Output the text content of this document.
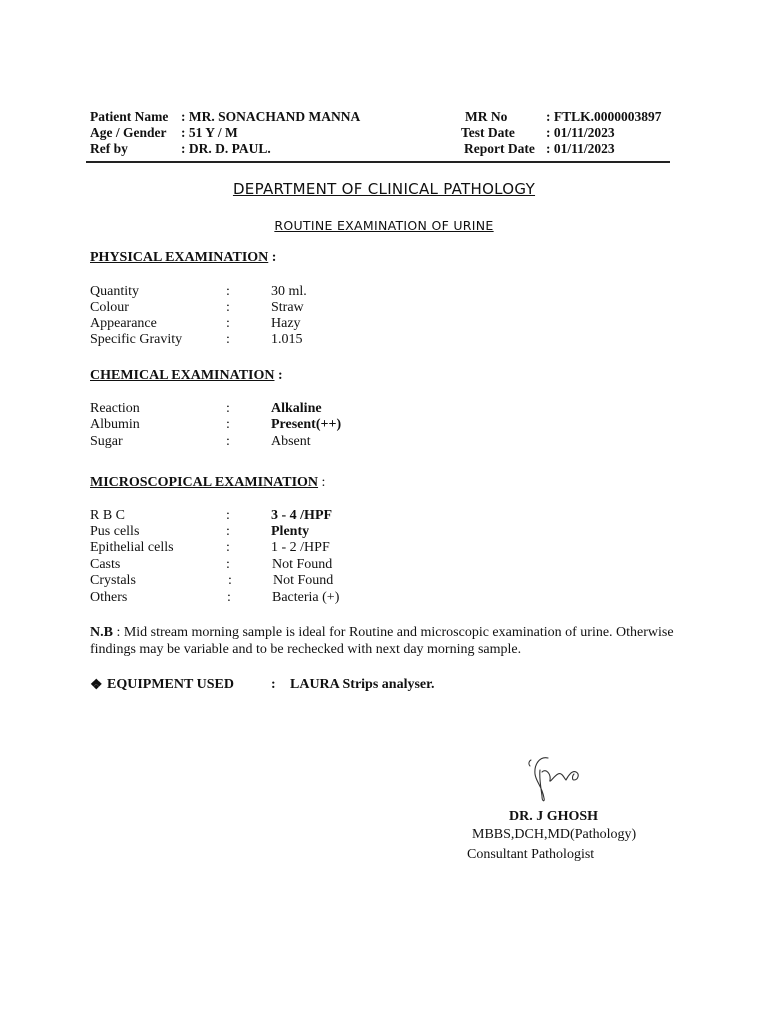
Patient Name : MR. SONACHAND MANNA
Age / Gender : 51 Y / M
Ref by	: DR. D. PAUL.
MR No	: FTLK.0000003897
Test Date : 01/11/2023
Report Date : 01/11/2023
DEPARTMENT OF CLINICAL PATHOLOGY
ROUTINE EXAMINATION OF URINE
PHYSICAL EXAMINATION :
Quantity	:	30 ml.
Colour	:	Straw
Appearance	:	Hazy
Specific Gravity	:	1.015
CHEMICAL EXAMINATION :
Reaction	:	Alkaline
Albumin	:	Present(++)
Sugar	:	Absent
MICROSCOPICAL EXAMINATION :
R B C	:	3 - 4 /HPF
Pus cells	:	Plenty
Epithelial cells	:	1 - 2 /HPF
Casts	:	Not Found
Crystals	:	Not Found
Others	:	Bacteria (+)
N.B : Mid stream morning sample is ideal for Routine and microscopic examination of urine. Otherwise findings may be variable and to be rechecked with next day morning sample.
❖ EQUIPMENT USED	: LAURA Strips analyser.
DR. J GHOSH
MBBS,DCH,MD(Pathology)
Consultant Pathologist
